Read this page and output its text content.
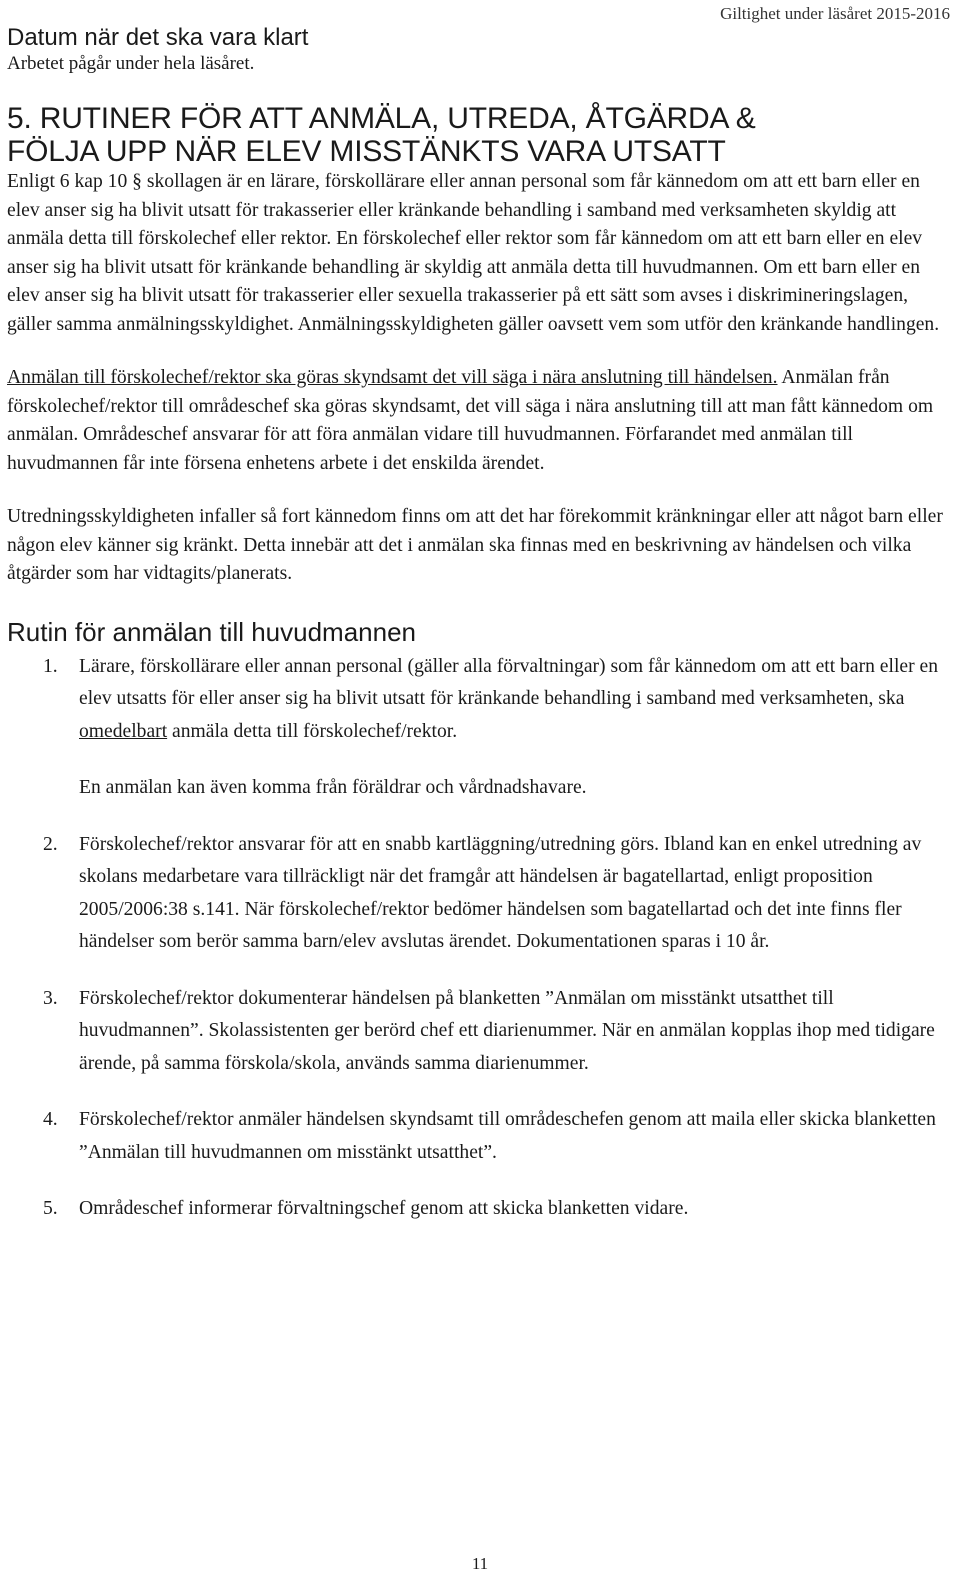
Giltighet under läsåret 2015-2016
Datum när det ska vara klart
Arbetet pågår under hela läsåret.
5. RUTINER FÖR ATT ANMÄLA, UTREDA, ÅTGÄRDA &
FÖLJA UPP NÄR ELEV MISSTÄNKTS VARA UTSATT
Enligt 6 kap 10 § skollagen är en lärare, förskollärare eller annan personal som får kännedom om att ett barn eller en elev anser sig ha blivit utsatt för trakasserier eller kränkande behandling i samband med verksamheten skyldig att anmäla detta till förskolechef eller rektor. En förskolechef eller rektor som får kännedom om att ett barn eller en elev anser sig ha blivit utsatt för kränkande behandling är skyldig att anmäla detta till huvudmannen. Om ett barn eller en elev anser sig ha blivit utsatt för trakasserier eller sexuella trakasserier på ett sätt som avses i diskrimineringslagen, gäller samma anmälningsskyldighet. Anmälningsskyldigheten gäller oavsett vem som utför den kränkande handlingen.
Anmälan till förskolechef/rektor ska göras skyndsamt det vill säga i nära anslutning till händelsen. Anmälan från förskolechef/rektor till områdeschef ska göras skyndsamt, det vill säga i nära anslutning till att man fått kännedom om anmälan. Områdeschef ansvarar för att föra anmälan vidare till huvudmannen. Förfarandet med anmälan till huvudmannen får inte försena enhetens arbete i det enskilda ärendet.
Utredningsskyldigheten infaller så fort kännedom finns om att det har förekommit kränkningar eller att något barn eller någon elev känner sig kränkt. Detta innebär att det i anmälan ska finnas med en beskrivning av händelsen och vilka åtgärder som har vidtagits/planerats.
Rutin för anmälan till huvudmannen
1.	Lärare, förskollärare eller annan personal (gäller alla förvaltningar) som får kännedom om att ett barn eller en elev utsatts för eller anser sig ha blivit utsatt för kränkande behandling i samband med verksamheten, ska omedelbart anmäla detta till förskolechef/rektor.
En anmälan kan även komma från föräldrar och vårdnadshavare.
2.	Förskolechef/rektor ansvarar för att en snabb kartläggning/utredning görs. Ibland kan en enkel utredning av skolans medarbetare vara tillräckligt när det framgår att händelsen är bagatellartad, enligt proposition 2005/2006:38 s.141. När förskolechef/rektor bedömer händelsen som bagatellartad och det inte finns fler händelser som berör samma barn/elev avslutas ärendet. Dokumentationen sparas i 10 år.
3.	Förskolechef/rektor dokumenterar händelsen på blanketten ”Anmälan om misstänkt utsatthet till huvudmannen”. Skolassistenten ger berörd chef ett diarienummer. När en anmälan kopplas ihop med tidigare ärende, på samma förskola/skola, används samma diarienummer.
4.	Förskolechef/rektor anmäler händelsen skyndsamt till områdeschefen genom att maila eller skicka blanketten ”Anmälan till huvudmannen om misstänkt utsatthet”.
5.	Områdeschef informerar förvaltningschef genom att skicka blanketten vidare.
11
